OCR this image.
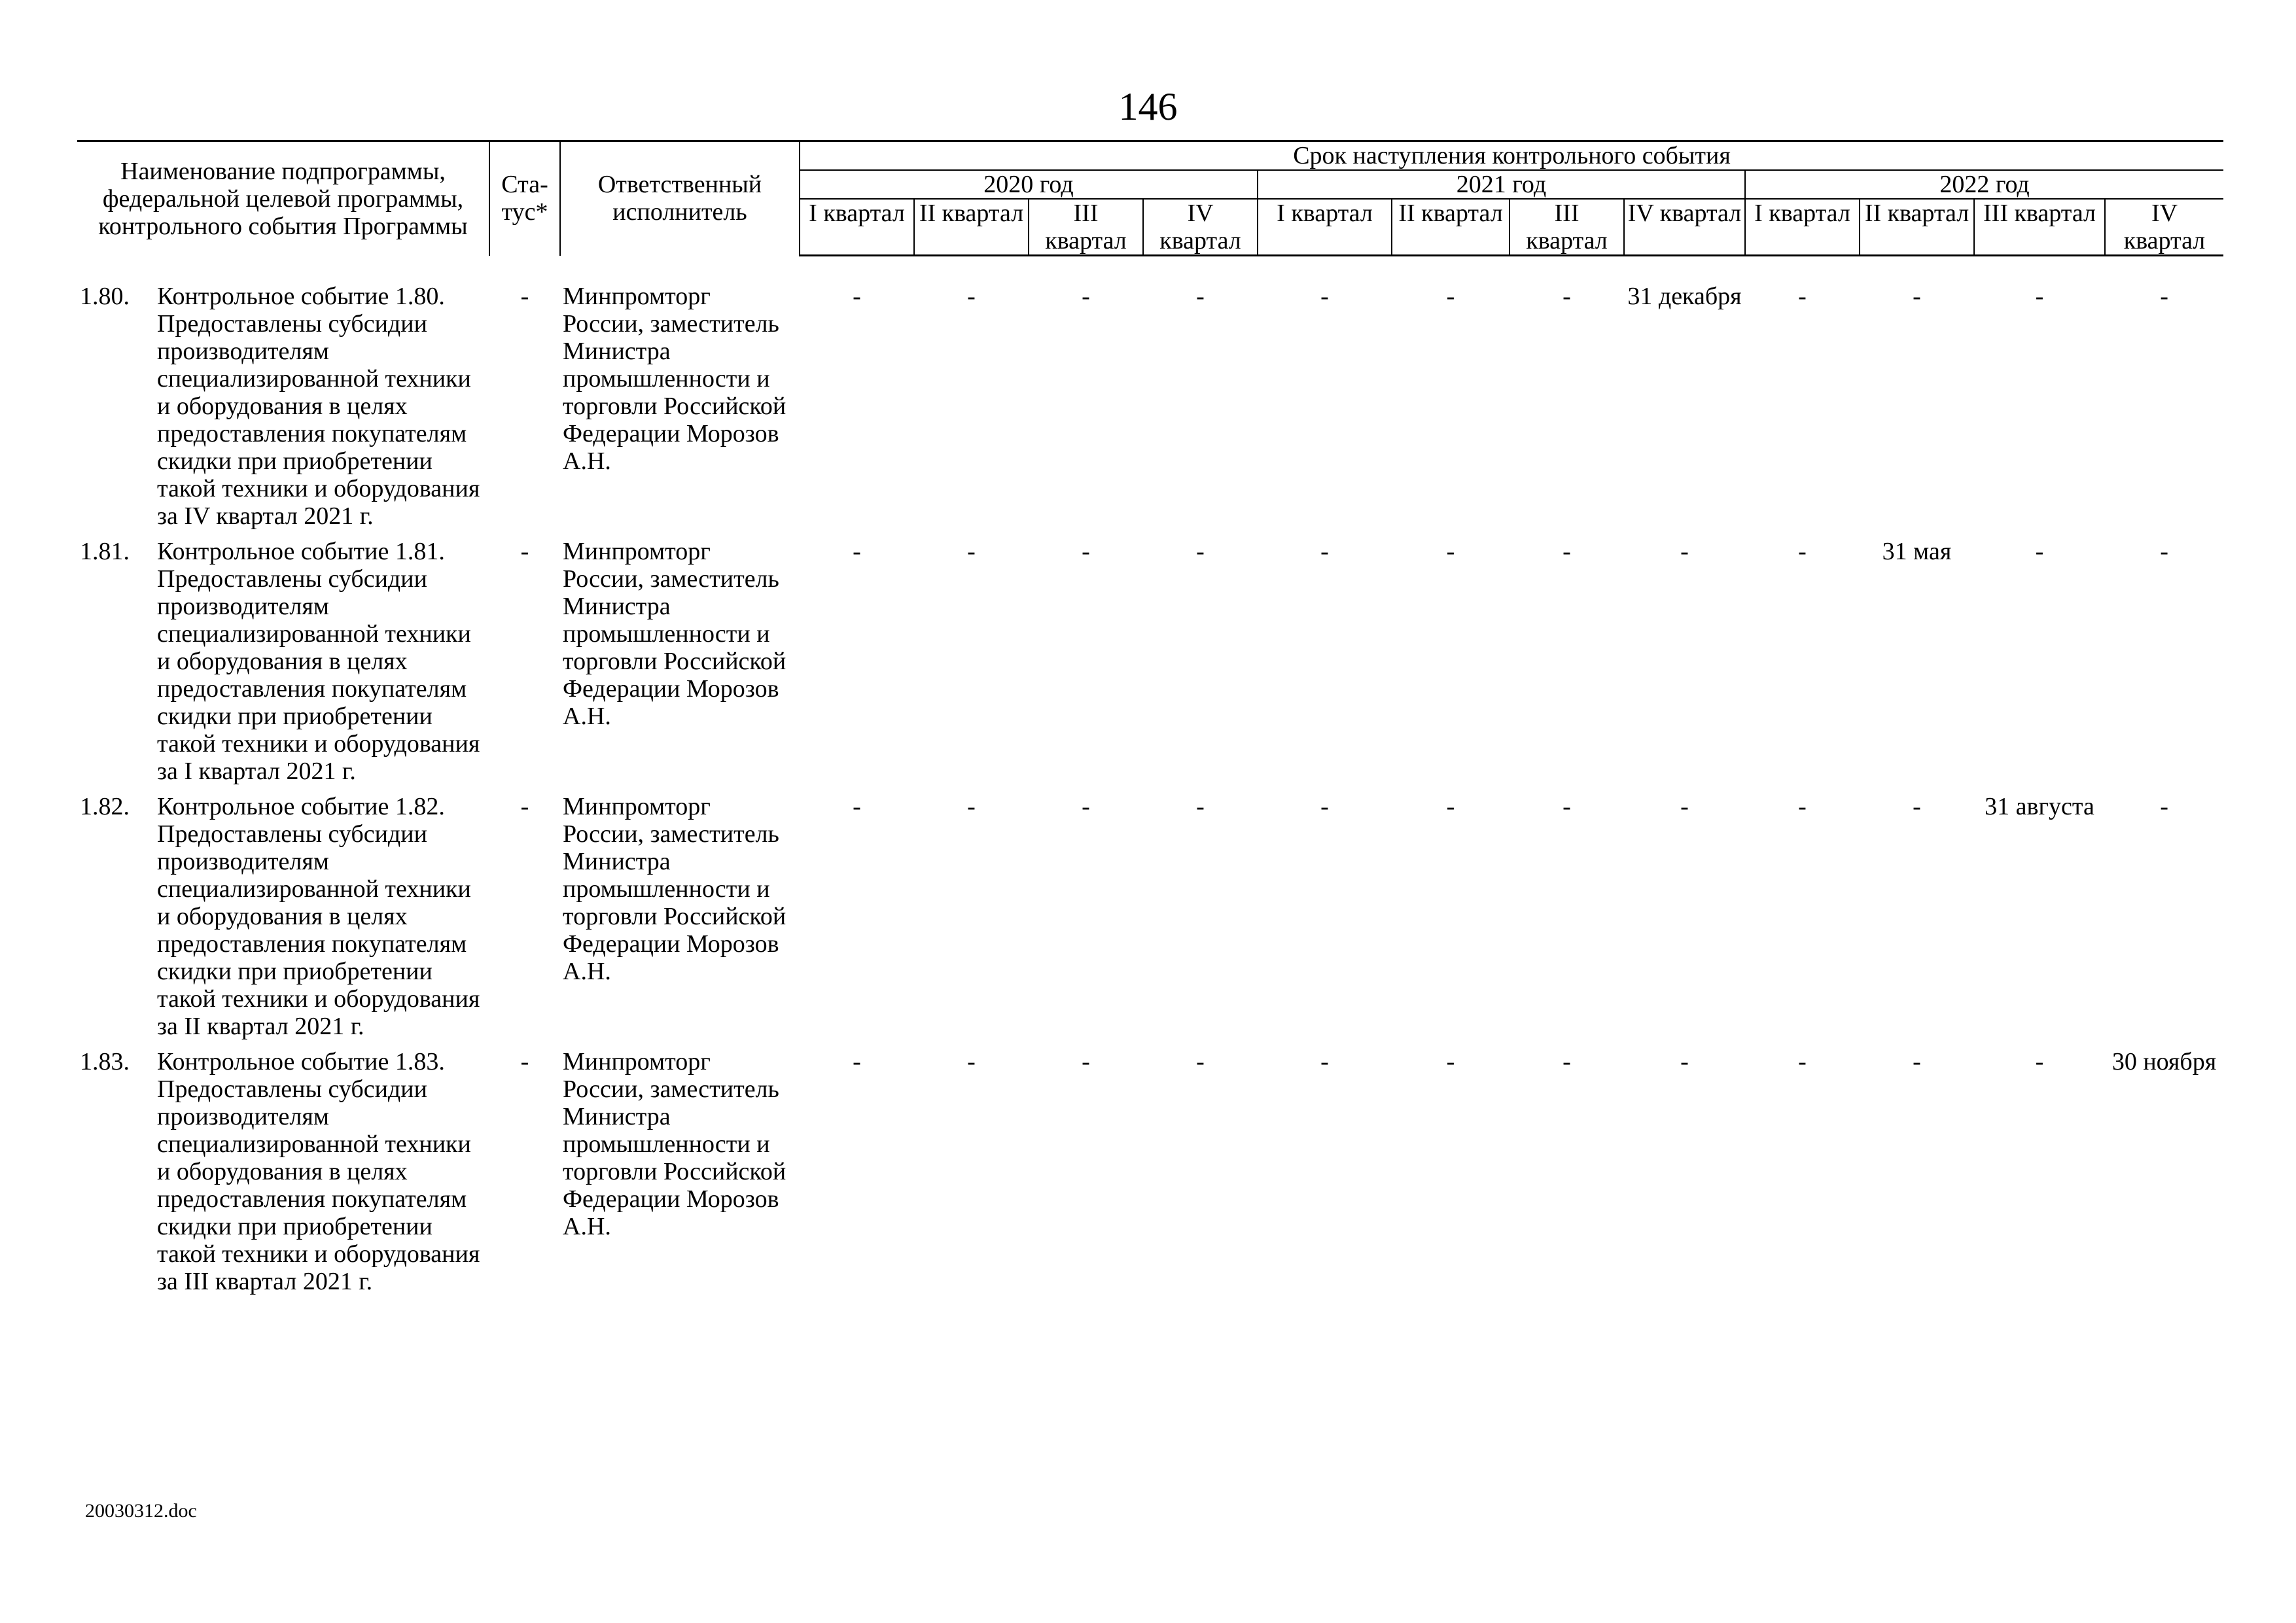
146
Наименование подпрограммы, федеральной целевой программы, контрольного события Программы	Ста-тус*	Ответственный исполнитель	Срок наступления контрольного события											
			2020 год				2021 год				2022 год			
			I квартал	II квартал	III квартал	IV квартал	I квартал	II квартал	III квартал	IV квартал	I квартал	II квартал	III квартал	IV квартал

1.80. Контрольное событие 1.80. Предоставлены субсидии производителям специализированной техники и оборудования в целях предоставления покупателям скидки при приобретении такой техники и оборудования за IV квартал 2021 г.	-	Минпромторг России, заместитель Министра промышленности и торговли Российской Федерации Морозов А.Н.	-	-	-	-	-	-	-	31 декабря	-	-	-	-

1.81. Контрольное событие 1.81. Предоставлены субсидии производителям специализированной техники и оборудования в целях предоставления покупателям скидки при приобретении такой техники и оборудования за I квартал 2021 г.	-	Минпромторг России, заместитель Министра промышленности и торговли Российской Федерации Морозов А.Н.	-	-	-	-	-	-	-	-	-	31 мая	-	-

1.82. Контрольное событие 1.82. Предоставлены субсидии производителям специализированной техники и оборудования в целях предоставления покупателям скидки при приобретении такой техники и оборудования за II квартал 2021 г.	-	Минпромторг России, заместитель Министра промышленности и торговли Российской Федерации Морозов А.Н.	-	-	-	-	-	-	-	-	-	-	31 августа	-

1.83. Контрольное событие 1.83. Предоставлены субсидии производителям специализированной техники и оборудования в целях предоставления покупателям скидки при приобретении такой техники и оборудования за III квартал 2021 г.	-	Минпромторг России, заместитель Министра промышленности и торговли Российской Федерации Морозов А.Н.	-	-	-	-	-	-	-	-	-	-	-	30 ноября
20030312.doc
